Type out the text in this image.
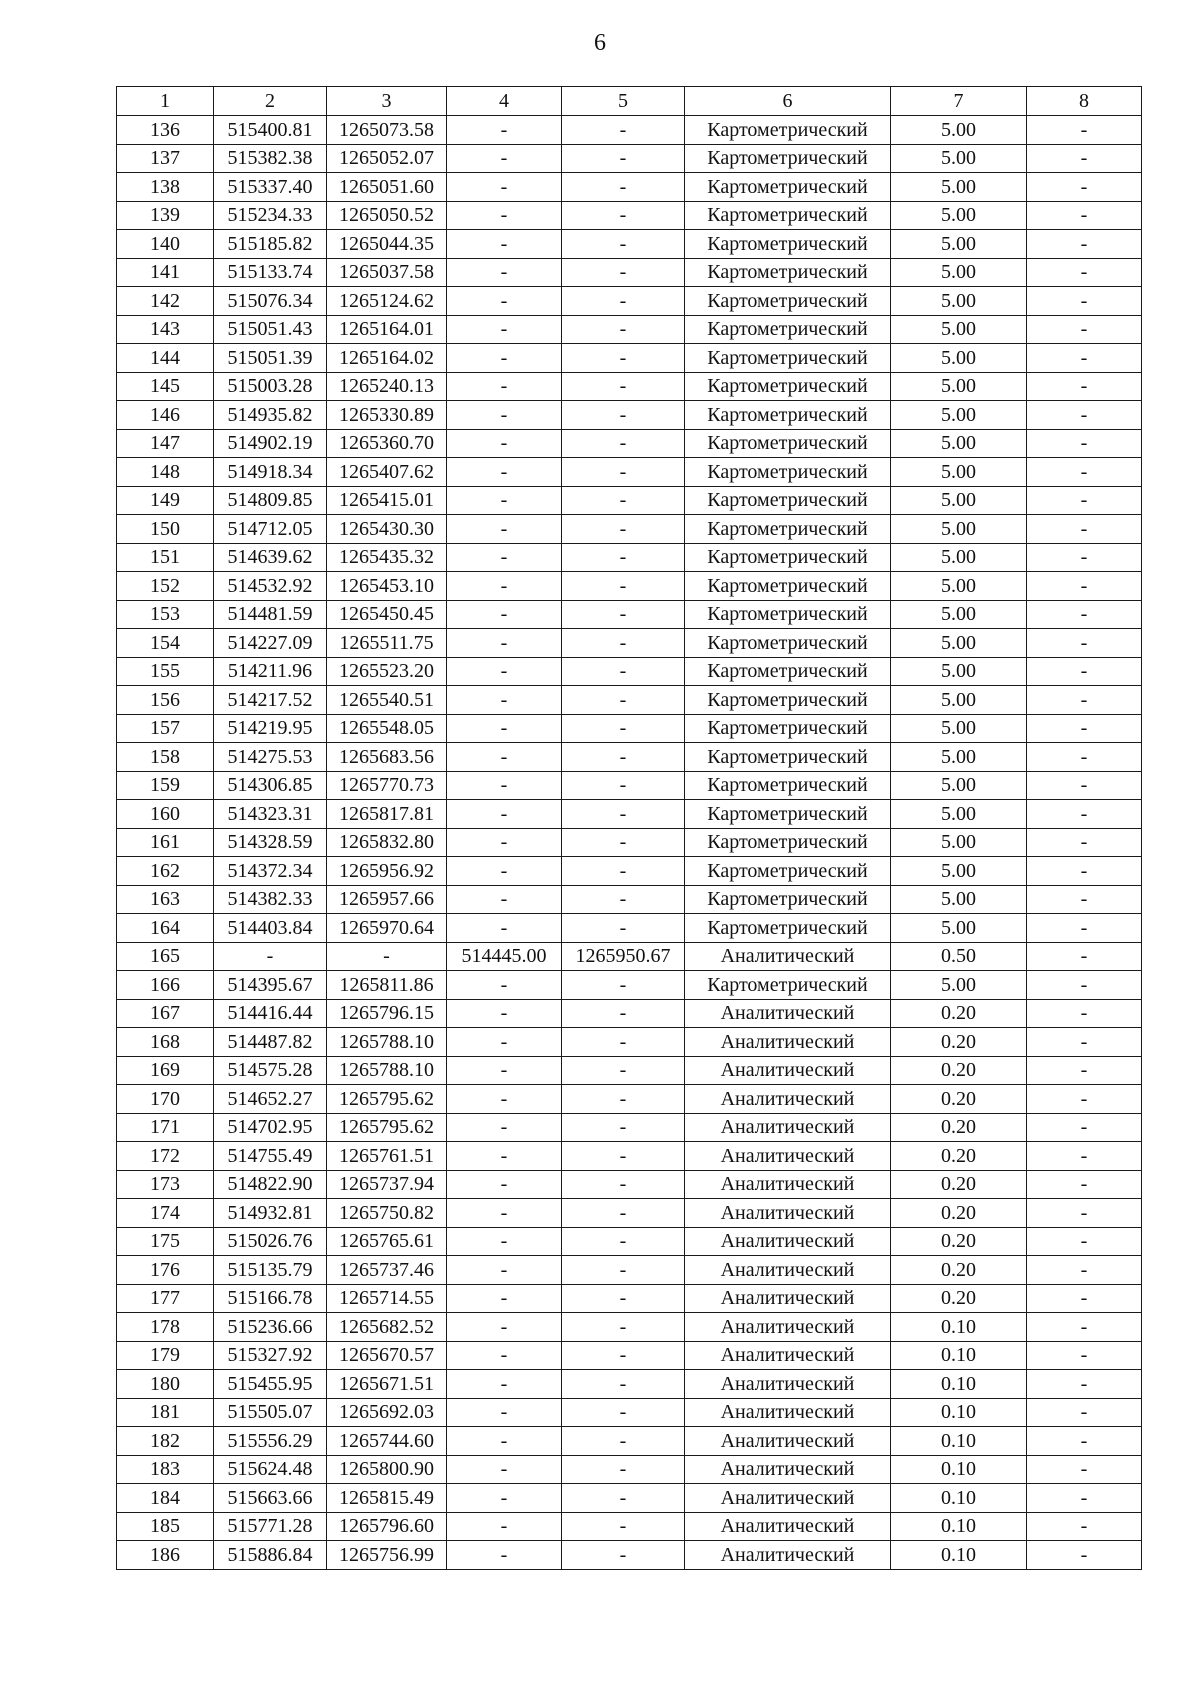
6
1	2	3	4	5	6	7	8
136	515400.81	1265073.58	-	-	Картометрический	5.00	-
137	515382.38	1265052.07	-	-	Картометрический	5.00	-
138	515337.40	1265051.60	-	-	Картометрический	5.00	-
139	515234.33	1265050.52	-	-	Картометрический	5.00	-
140	515185.82	1265044.35	-	-	Картометрический	5.00	-
141	515133.74	1265037.58	-	-	Картометрический	5.00	-
142	515076.34	1265124.62	-	-	Картометрический	5.00	-
143	515051.43	1265164.01	-	-	Картометрический	5.00	-
144	515051.39	1265164.02	-	-	Картометрический	5.00	-
145	515003.28	1265240.13	-	-	Картометрический	5.00	-
146	514935.82	1265330.89	-	-	Картометрический	5.00	-
147	514902.19	1265360.70	-	-	Картометрический	5.00	-
148	514918.34	1265407.62	-	-	Картометрический	5.00	-
149	514809.85	1265415.01	-	-	Картометрический	5.00	-
150	514712.05	1265430.30	-	-	Картометрический	5.00	-
151	514639.62	1265435.32	-	-	Картометрический	5.00	-
152	514532.92	1265453.10	-	-	Картометрический	5.00	-
153	514481.59	1265450.45	-	-	Картометрический	5.00	-
154	514227.09	1265511.75	-	-	Картометрический	5.00	-
155	514211.96	1265523.20	-	-	Картометрический	5.00	-
156	514217.52	1265540.51	-	-	Картометрический	5.00	-
157	514219.95	1265548.05	-	-	Картометрический	5.00	-
158	514275.53	1265683.56	-	-	Картометрический	5.00	-
159	514306.85	1265770.73	-	-	Картометрический	5.00	-
160	514323.31	1265817.81	-	-	Картометрический	5.00	-
161	514328.59	1265832.80	-	-	Картометрический	5.00	-
162	514372.34	1265956.92	-	-	Картометрический	5.00	-
163	514382.33	1265957.66	-	-	Картометрический	5.00	-
164	514403.84	1265970.64	-	-	Картометрический	5.00	-
165	-	-	514445.00	1265950.67	Аналитический	0.50	-
166	514395.67	1265811.86	-	-	Картометрический	5.00	-
167	514416.44	1265796.15	-	-	Аналитический	0.20	-
168	514487.82	1265788.10	-	-	Аналитический	0.20	-
169	514575.28	1265788.10	-	-	Аналитический	0.20	-
170	514652.27	1265795.62	-	-	Аналитический	0.20	-
171	514702.95	1265795.62	-	-	Аналитический	0.20	-
172	514755.49	1265761.51	-	-	Аналитический	0.20	-
173	514822.90	1265737.94	-	-	Аналитический	0.20	-
174	514932.81	1265750.82	-	-	Аналитический	0.20	-
175	515026.76	1265765.61	-	-	Аналитический	0.20	-
176	515135.79	1265737.46	-	-	Аналитический	0.20	-
177	515166.78	1265714.55	-	-	Аналитический	0.20	-
178	515236.66	1265682.52	-	-	Аналитический	0.10	-
179	515327.92	1265670.57	-	-	Аналитический	0.10	-
180	515455.95	1265671.51	-	-	Аналитический	0.10	-
181	515505.07	1265692.03	-	-	Аналитический	0.10	-
182	515556.29	1265744.60	-	-	Аналитический	0.10	-
183	515624.48	1265800.90	-	-	Аналитический	0.10	-
184	515663.66	1265815.49	-	-	Аналитический	0.10	-
185	515771.28	1265796.60	-	-	Аналитический	0.10	-
186	515886.84	1265756.99	-	-	Аналитический	0.10	-
